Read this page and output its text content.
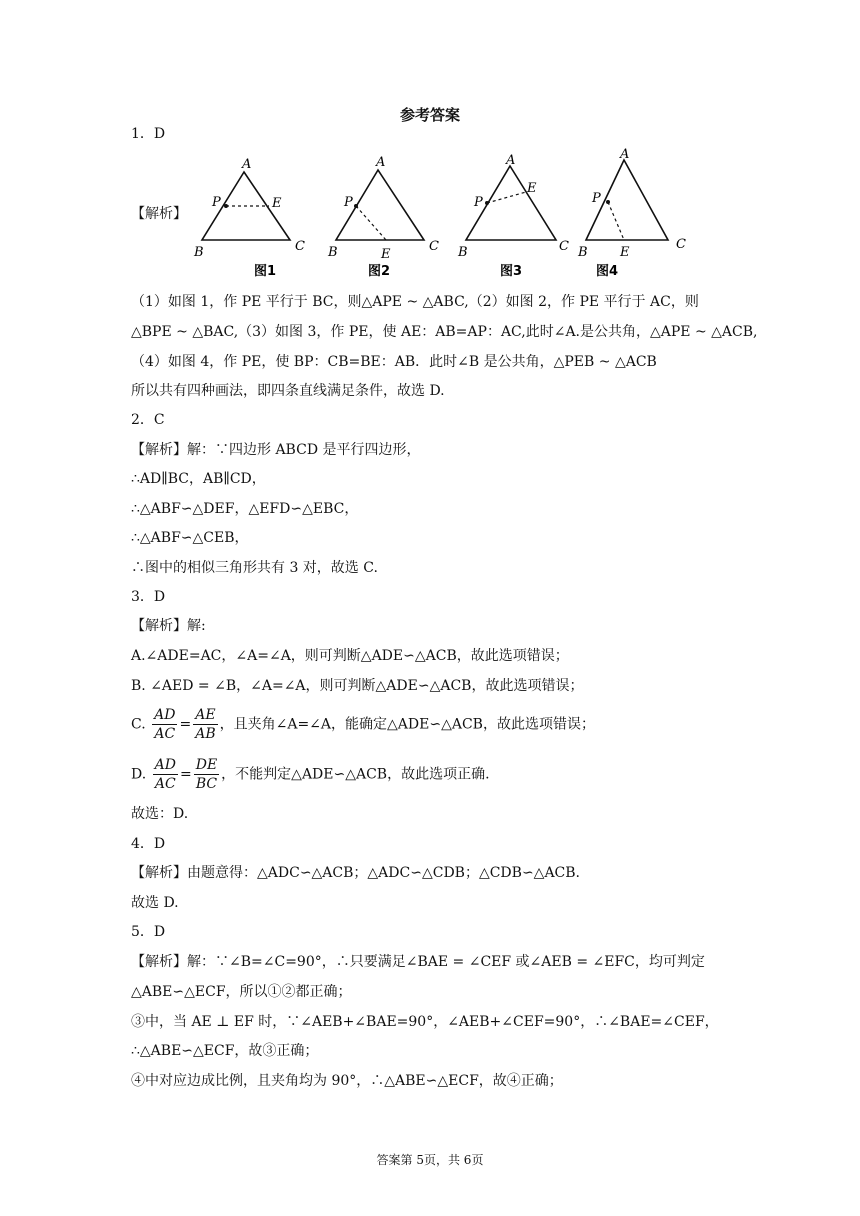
参考答案
1．D
【解析】
A
B	C
P	E
图1
A
B	C
P
E
图2
A
B	C
P
E
图3
A
B
C
P
E
图4
（1）如图 1，作 PE 平行于 BC，则△APE ~ △ABC,（2）如图 2，作 PE 平行于 AC，则
△BPE ~ △BAC,（3）如图 3，作 PE，使 AE：AB=AP：AC,此时∠A.是公共角，△APE ~ △ACB,
（4）如图 4，作 PE，使 BP：CB=BE：AB．此时∠B 是公共角，△PEB ~ △ACB
所以共有四种画法，即四条直线满足条件，故选 D.
2．C
【解析】解：∵四边形 ABCD 是平行四边形，
∴AD∥BC，AB∥CD，
∴△ABF∽△DEF，△EFD∽△EBC，
∴△ABF∽△CEB，
∴图中的相似三角形共有 3 对，故选 C.
3．D
【解析】解:
A.∠ADE=AC，∠A=∠A，则可判断△ADE∽△ACB，故此选项错误；
B. ∠AED = ∠B，∠A=∠A，则可判断△ADE∽△ACB，故此选项错误；
C. $\frac{AD}{AC} = \frac{AE}{AB}$ ，且夹角∠A=∠A，能确定△ADE∽△ACB，故此选项错误；
D. $\frac{AD}{AC} = \frac{DE}{BC}$ ，不能判定△ADE∽△ACB，故此选项正确.
故选：D.
4．D
【解析】由题意得：△ADC∽△ACB；△ADC∽△CDB；△CDB∽△ACB.
故选 D.
5．D
【解析】解：∵∠B=∠C=90°，∴只要满足∠BAE = ∠CEF 或∠AEB = ∠EFC，均可判定
△ABE∽△ECF，所以①②都正确；
③中，当 AE ⊥ EF 时，∵∠AEB+∠BAE=90°，∠AEB+∠CEF=90°，∴∠BAE=∠CEF，
∴△ABE∽△ECF，故③正确；
④中对应边成比例，且夹角均为 90°，∴△ABE∽△ECF，故④正确；
答案第 5页，共 6页
